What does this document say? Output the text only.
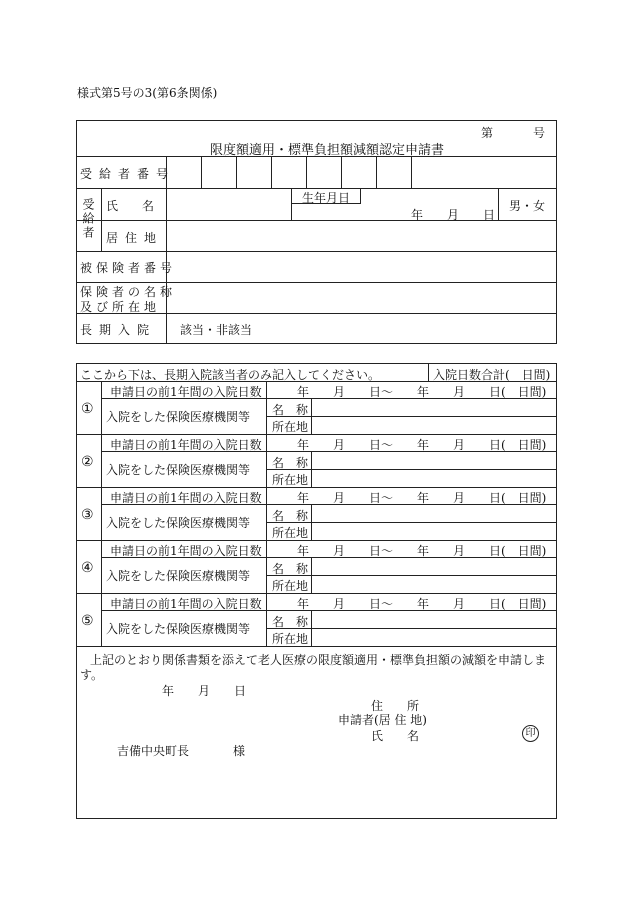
様式第5号の3(第6条関係)
第	号
限度額適用・標準負担額減額認定申請書
受給者番号
受給者 氏　　名
生年月日
年 月 日
男・女
居住地
被保険者番号
保険者の名称
及び所在地
長期入院 該当・非該当
ここから下は、長期入院該当者のみ記入してください。	入院日数合計(　日間)
①
申請日の前1年間の入院日数	年　　月　　日～　　年　　月　　日(　日間)
入院をした保険医療機関等 名　称
所在地
②
申請日の前1年間の入院日数	年　　月　　日～　　年　　月　　日(　日間)
入院をした保険医療機関等 名　称
所在地
③
申請日の前1年間の入院日数	年　　月　　日～　　年　　月　　日(　日間)
入院をした保険医療機関等 名　称
所在地
④
申請日の前1年間の入院日数	年　　月　　日～　　年　　月　　日(　日間)
入院をした保険医療機関等 名　称
所在地
⑤
申請日の前1年間の入院日数	年　　月　　日～　　年　　月　　日(　日間)
入院をした保険医療機関等 名　称
所在地
上記のとおり関係書類を添えて老人医療の限度額適用・標準負担額の減額を申請しま
す。
年　　月　　日
住　　所
申請者 (居 住 地)
氏　　名	印
吉備中央町長	様
